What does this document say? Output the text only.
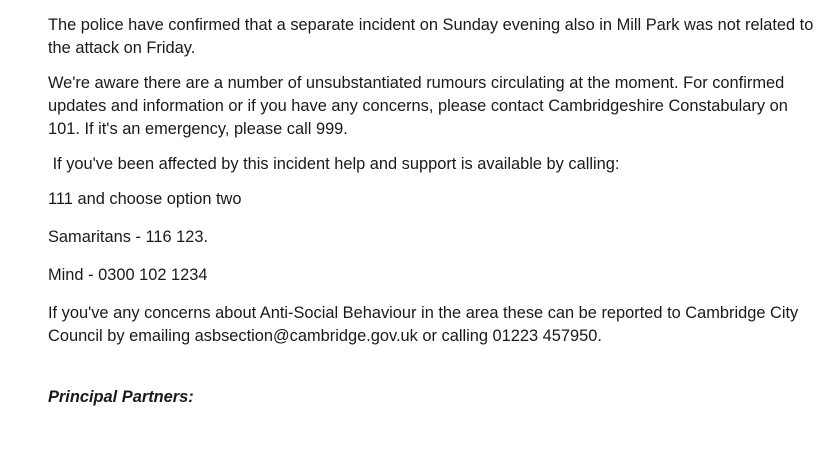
The police have confirmed that a separate incident on Sunday evening also in Mill Park was not related to the attack on Friday.

We're aware there are a number of unsubstantiated rumours circulating at the moment. For confirmed updates and information or if you have any concerns, please contact Cambridgeshire Constabulary on 101. If it's an emergency, please call 999.

If you've been affected by this incident help and support is available by calling:

111 and choose option two

Samaritans - 116 123.

Mind - 0300 102 1234

If you've any concerns about Anti-Social Behaviour in the area these can be reported to Cambridge City Council by emailing asbsection@cambridge.gov.uk or calling 01223 457950.

Principal Partners:
